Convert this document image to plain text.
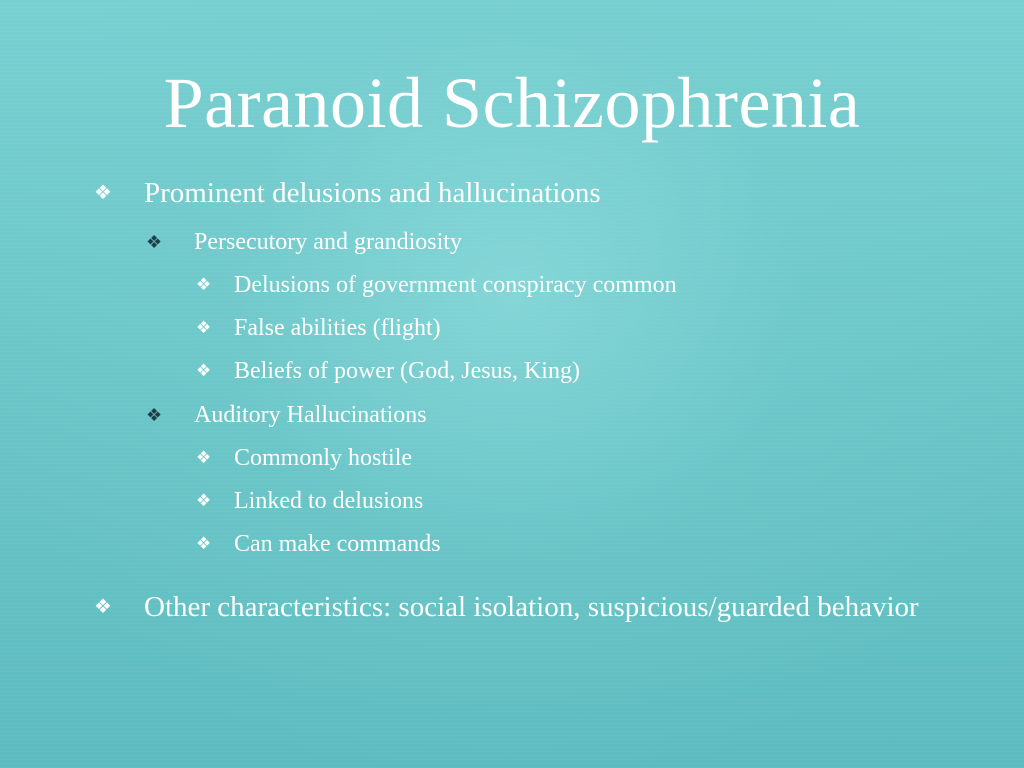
Paranoid Schizophrenia
❖	Prominent delusions and hallucinations
❖	Persecutory and grandiosity
❖ Delusions of government conspiracy common
❖ False abilities (flight)
❖ Beliefs of power (God, Jesus, King)
❖	Auditory Hallucinations
❖ Commonly hostile
❖ Linked to delusions
❖ Can make commands
❖	Other characteristics: social isolation, suspicious/guarded behavior
